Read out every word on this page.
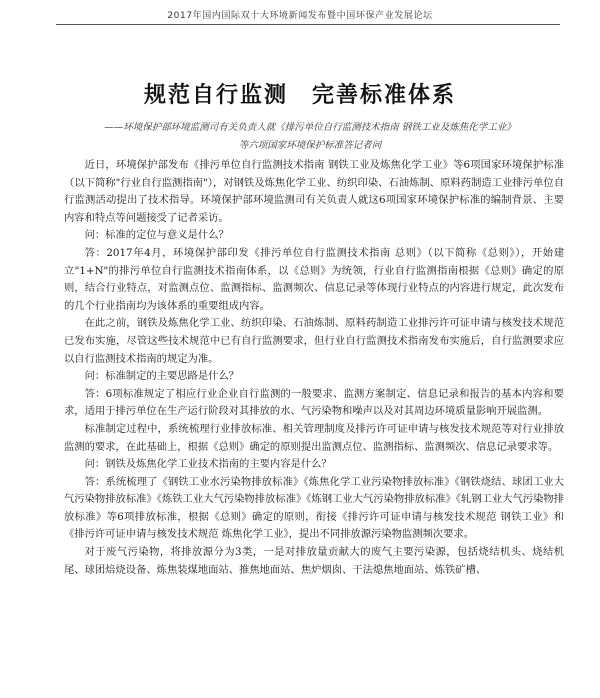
2017年国内国际双十大环境新闻发布暨中国环保产业发展论坛
规范自行监测　完善标准体系
——环境保护部环境监测司有关负责人就《排污单位自行监测技术指南 钢铁工业及炼焦化学工业》
等六项国家环境保护标准答记者问

近日，环境保护部发布《排污单位自行监测技术指南 钢铁工业及炼焦化学工业》等6项国家环境保护标准（以下简称"行业自行监测指南"），对钢铁及炼焦化学工业、纺织印染、石油炼制、原料药制造工业排污单位自行监测活动提出了技术指导。环境保护部环境监测司有关负责人就这6项国家环境保护标准的编制背景、主要内容和特点等问题接受了记者采访。

问：标准的定位与意义是什么？

答：2017年4月，环境保护部印发《排污单位自行监测技术指南 总则》（以下简称《总则》），开始建立"1+N"的排污单位自行监测技术指南体系，以《总则》为统领，行业自行监测指南根据《总则》确定的原则，结合行业特点，对监测点位、监测指标、监测频次、信息记录等体现行业特点的内容进行规定，此次发布的几个行业指南均为该体系的重要组成内容。

在此之前，钢铁及炼焦化学工业、纺织印染、石油炼制、原料药制造工业排污许可证申请与核发技术规范已发布实施，尽管这些技术规范中已有自行监测要求，但行业自行监测技术指南发布实施后，自行监测要求应以自行监测技术指南的规定为准。

问：标准制定的主要思路是什么？

答：6项标准规定了相应行业企业自行监测的一般要求、监测方案制定、信息记录和报告的基本内容和要求，适用于排污单位在生产运行阶段对其排放的水、气污染物和噪声以及对其周边环境质量影响开展监测。

标准制定过程中，系统梳理行业排放标准、相关管理制度及排污许可证申请与核发技术规范等对行业排放监测的要求，在此基础上，根据《总则》确定的原则提出监测点位、监测指标、监测频次、信息记录要求等。

问：钢铁及炼焦化学工业技术指南的主要内容是什么？

答：系统梳理了《钢铁工业水污染物排放标准》《炼焦化学工业污染物排放标准》《钢铁烧结、球团工业大气污染物排放标准》《炼铁工业大气污染物排放标准》《炼钢工业大气污染物排放标准》《轧钢工业大气污染物排放标准》等6项排放标准，根据《总则》确定的原则，衔接《排污许可证申请与核发技术规范 钢铁工业》和《排污许可证申请与核发技术规范 炼焦化学工业》，提出不同排放源污染物监测频次要求。

对于废气污染物，将排放源分为3类，一是对排放量贡献大的废气主要污染源，包括烧结机头、烧结机尾、球团焙烧设备、炼焦装煤地面站、推焦地面站、焦炉烟囱、干法熄焦地面站、炼铁矿槽、
